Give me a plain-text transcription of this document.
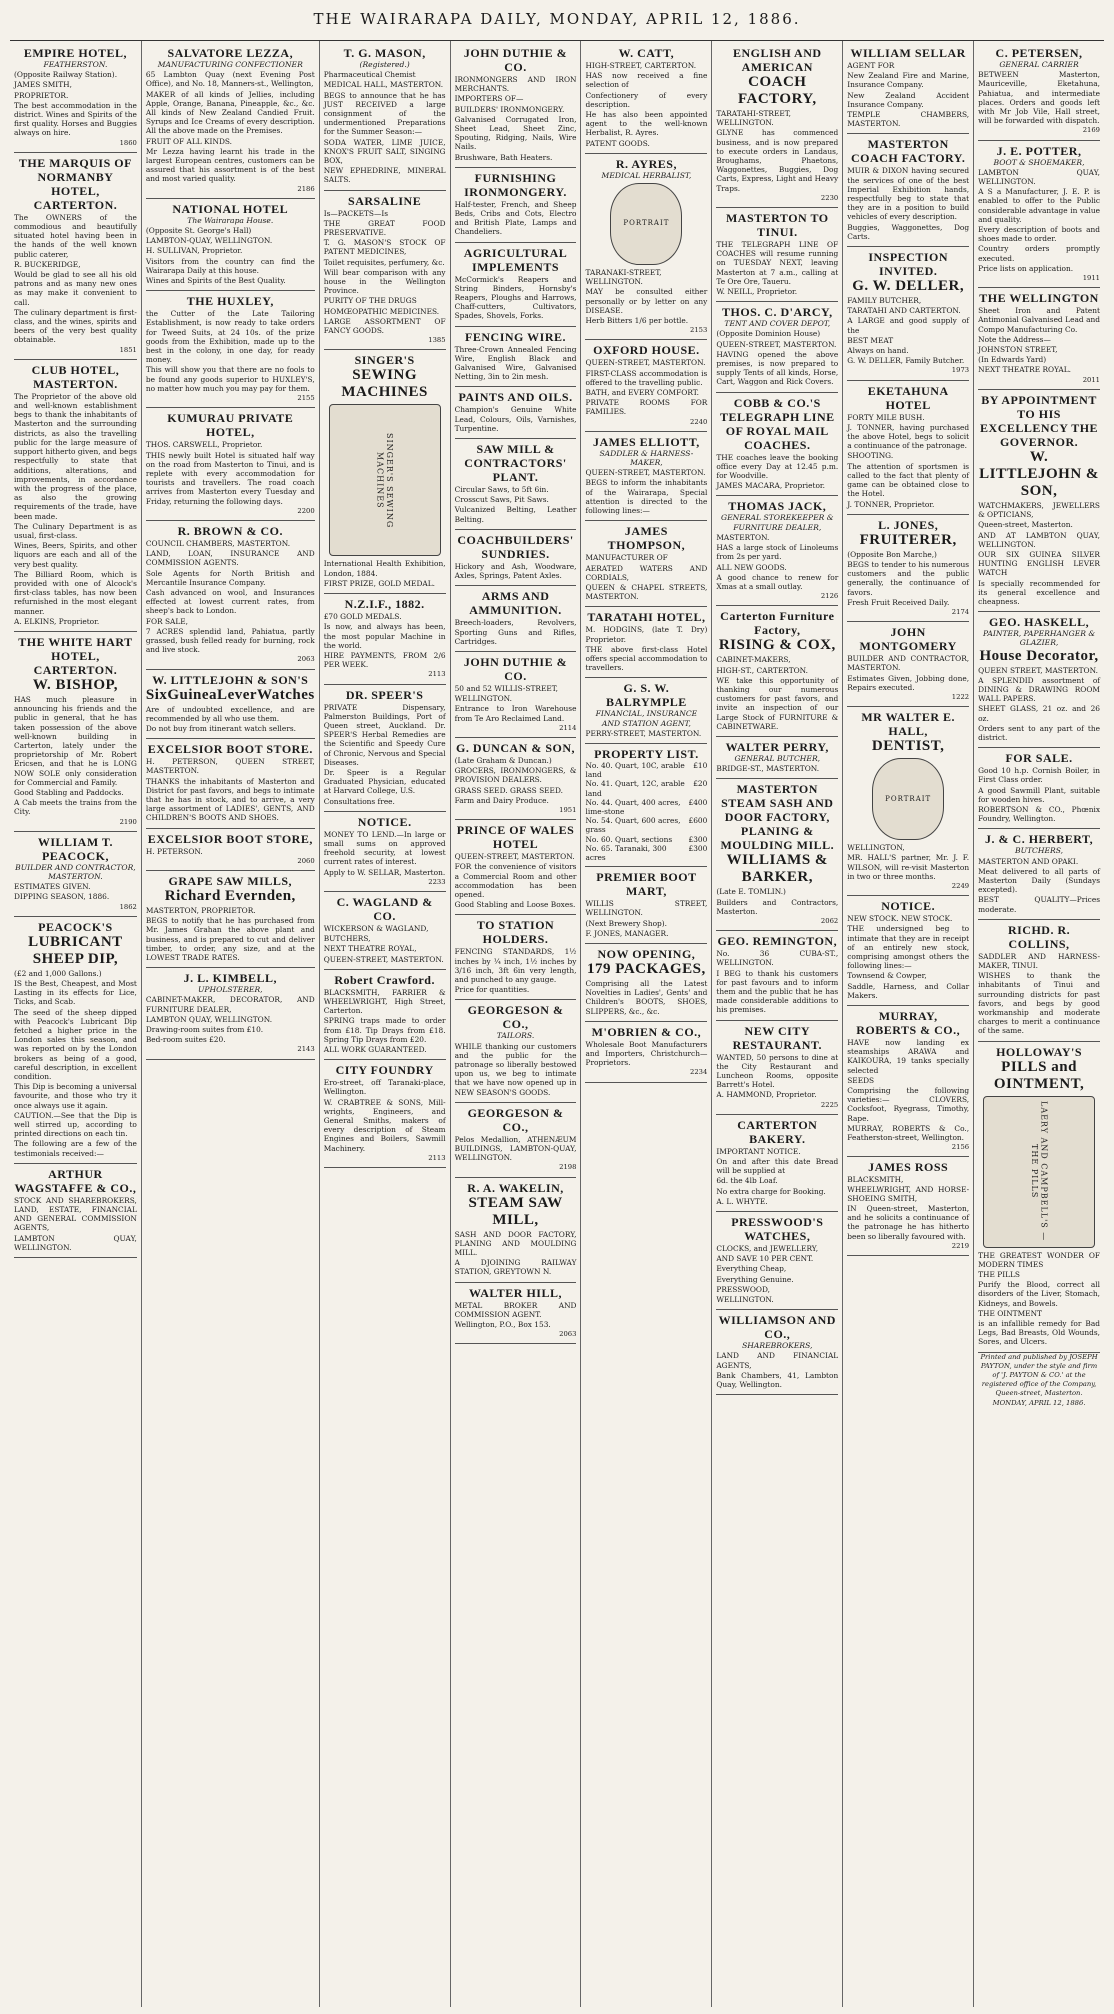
THE WAIRARAPA DAILY, MONDAY, APRIL 12, 1886.
EMPIRE HOTEL,
FEATHERSTON.

(Opposite Railway Station).

JAMES SMITH,

PROPRIETOR.

The best accommodation in the district. Wines and Spirits of the first quality. Horses and Buggies always on hire.

1860
THE MARQUIS OF NORMANBY HOTEL, CARTERTON.

The OWNERS of the commodious and beautifully situated hotel having been in the hands of the well known public caterer,

R. BUCKERIDGE,

Would be glad to see all his old patrons and as many new ones as may make it convenient to call.

The culinary department is first-class, and the wines, spirits and beers of the very best quality obtainable.

1851
CLUB HOTEL, MASTERTON.

The Proprietor of the above old and well-known establishment begs to thank the inhabitants of Masterton and the surrounding districts, as also the travelling public for the large measure of support hitherto given, and begs respectfully to state that additions, alterations, and improvements, in accordance with the progress of the place, as also the growing requirements of the trade, have been made.

The Culinary Department is as usual, first-class.

Wines, Beers, Spirits, and other liquors are each and all of the very best quality.

The Billiard Room, which is provided with one of Alcock's first-class tables, has now been refurnished in the most elegant manner.

A. ELKINS, Proprietor.

THE WHITE HART HOTEL, CARTERTON.
W. BISHOP,

HAS much pleasure in announcing his friends and the public in general, that he has taken possession of the above well-known building in Carterton, lately under the proprietorship of Mr. Robert Ericsen, and that he is LONG NOW SOLE only consideration for Commercial and Family.

Good Stabling and Paddocks.

A Cab meets the trains from the City.

2190
WILLIAM T. PEACOCK,
BUILDER AND CONTRACTOR, MASTERTON.

ESTIMATES GIVEN.

DIPPING SEASON, 1886.

1862
PEACOCK'S
LUBRICANT SHEEP DIP,

(£2 and 1,000 Gallons.)

IS the Best, Cheapest, and Most Lasting in its effects for Lice, Ticks, and Scab.

The seed of the sheep dipped with Peacock's Lubricant Dip fetched a higher price in the London sales this season, and was reported on by the London brokers as being of a good, careful description, in excellent condition.

This Dip is becoming a universal favourite, and those who try it once always use it again.

CAUTION.—See that the Dip is well stirred up, according to printed directions on each tin.

The following are a few of the testimonials received:—

ARTHUR WAGSTAFFE & CO.,

STOCK AND SHAREBROKERS, LAND, ESTATE, FINANCIAL AND GENERAL COMMISSION AGENTS,

LAMBTON QUAY, WELLINGTON.

SALVATORE LEZZA,
MANUFACTURING CONFECTIONER

65 Lambton Quay (next Evening Post Office), and No. 18, Manners-st., Wellington,

MAKER of all kinds of Jellies, including Apple, Orange, Banana, Pineapple, &c., &c. All kinds of New Zealand Candied Fruit. Syrups and Ice Creams of every description. All the above made on the Premises.

FRUIT OF ALL KINDS.

Mr Lezza having learnt his trade in the largest European centres, customers can be assured that his assortment is of the best and most varied quality.

2186
NATIONAL HOTEL
The Wairarapa House.

(Opposite St. George's Hall)

LAMBTON-QUAY, WELLINGTON.

H. SULLIVAN, Proprietor.

Visitors from the country can find the Wairarapa Daily at this house.

Wines and Spirits of the Best Quality.

THE HUXLEY,

the Cutter of the Late Tailoring Establishment, is now ready to take orders for Tweed Suits, at 24 10s. of the prize goods from the Exhibition, made up to the best in the colony, in one day, for ready money.

This will show you that there are no fools to be found any goods superior to HUXLEY'S, no matter how much you may pay for them.

2155
KUMURAU PRIVATE HOTEL,

THOS. CARSWELL, Proprietor.

THIS newly built Hotel is situated half way on the road from Masterton to Tinui, and is replete with every accommodation for tourists and travellers. The road coach arrives from Masterton every Tuesday and Friday, returning the following days.

2200
R. BROWN & CO.

COUNCIL CHAMBERS, MASTERTON.

LAND, LOAN, INSURANCE AND COMMISSION AGENTS.

Sole Agents for North British and Mercantile Insurance Company.

Cash advanced on wool, and Insurances effected at lowest current rates, from sheep's back to London.

FOR SALE,

7 ACRES splendid land, Pahiatua, partly grassed, bush felled ready for burning, rock and live stock.

2063
W. LITTLEJOHN & SON'S
SixGuineaLeverWatches

Are of undoubted excellence, and are recommended by all who use them.

Do not buy from itinerant watch sellers.

EXCELSIOR BOOT STORE.

H. PETERSON, QUEEN STREET, MASTERTON.

THANKS the inhabitants of Masterton and District for past favors, and begs to intimate that he has in stock, and to arrive, a very large assortment of LADIES', GENTS, AND CHILDREN'S BOOTS AND SHOES.

EXCELSIOR BOOT STORE,

H. PETERSON.

2060
GRAPE SAW MILLS,
Richard Evernden,

MASTERTON, PROPRIETOR.

BEGS to notify that he has purchased from Mr. James Grahan the above plant and business, and is prepared to cut and deliver timber, to order, any size, and at the LOWEST TRADE RATES.

J. L. KIMBELL,
UPHOLSTERER,

CABINET-MAKER, DECORATOR, AND FURNITURE DEALER,

LAMBTON QUAY, WELLINGTON.

Drawing-room suites from £10.

Bed-room suites £20.

2143
T. G. MASON,
(Registered.)

Pharmaceutical Chemist

MEDICAL HALL, MASTERTON.

BEGS to announce that he has JUST RECEIVED a large consignment of the undermentioned Preparations for the Summer Season:—

SODA WATER, LIME JUICE, KNOX'S FRUIT SALT, SINGING BOX,

NEW EPHEDRINE, MINERAL SALTS.

SARSALINE

Is—PACKETS—Is

THE GREAT FOOD PRESERVATIVE.

T. G. MASON'S STOCK OF PATENT MEDICINES,

Toilet requisites, perfumery, &c.

Will bear comparison with any house in the Wellington Province.

PURITY OF THE DRUGS

HOMŒOPATHIC MEDICINES.

LARGE ASSORTMENT OF FANCY GOODS.

1385
SINGER'S
SEWING MACHINES
SINGER'S SEWING MACHINES

International Health Exhibition, London, 1884.

FIRST PRIZE, GOLD MEDAL.

N.Z.I.F., 1882.

£70 GOLD MEDALS.

Is now, and always has been, the most popular Machine in the world.

HIRE PAYMENTS, FROM 2/6 PER WEEK.

2113
DR. SPEER'S

PRIVATE Dispensary, Palmerston Buildings, Port of Queen street, Auckland. Dr. SPEER'S Herbal Remedies are the Scientific and Speedy Cure of Chronic, Nervous and Special Diseases.

Dr. Speer is a Regular Graduated Physician, educated at Harvard College, U.S.

Consultations free.

NOTICE.

MONEY TO LEND.—In large or small sums on approved freehold security, at lowest current rates of interest.

Apply to W. SELLAR, Masterton.

2233
C. WAGLAND & CO.

WICKERSON & WAGLAND,

BUTCHERS,

NEXT THEATRE ROYAL,

QUEEN-STREET, MASTERTON.

Robert Crawford.

BLACKSMITH, FARRIER & WHEELWRIGHT, High Street, Carterton.

SPRING traps made to order from £18. Tip Drays from £18. Spring Tip Drays from £20.

ALL WORK GUARANTEED.

CITY FOUNDRY

Ero-street, off Taranaki-place, Wellington.

W. CRABTREE & SONS, Mill-wrights, Engineers, and General Smiths, makers of every description of Steam Engines and Boilers, Sawmill Machinery.

2113
JOHN DUTHIE & CO.

IRONMONGERS AND IRON MERCHANTS.

IMPORTERS OF—

BUILDERS' IRONMONGERY.

Galvanised Corrugated Iron, Sheet Lead, Sheet Zinc, Spouting, Ridging, Nails, Wire Nails.

Brushware, Bath Heaters.

FURNISHING IRONMONGERY.

Half-tester, French, and Sheep Beds, Cribs and Cots, Electro and British Plate, Lamps and Chandeliers.

AGRICULTURAL IMPLEMENTS

McCormick's Reapers and String Binders, Hornsby's Reapers, Ploughs and Harrows, Chaff-cutters, Cultivators, Spades, Shovels, Forks.

FENCING WIRE.

Three-Crown Annealed Fencing Wire, English Black and Galvanised Wire, Galvanised Netting, 3in to 2in mesh.

PAINTS AND OILS.

Champion's Genuine White Lead, Colours, Oils, Varnishes, Turpentine.

SAW MILL & CONTRACTORS' PLANT.

Circular Saws, to 5ft 6in.

Crosscut Saws, Pit Saws.

Vulcanized Belting, Leather Belting.

COACHBUILDERS' SUNDRIES.

Hickory and Ash, Woodware, Axles, Springs, Patent Axles.

ARMS AND AMMUNITION.

Breech-loaders, Revolvers, Sporting Guns and Rifles, Cartridges.

JOHN DUTHIE & CO.

50 and 52 WILLIS-STREET,

WELLINGTON.

Entrance to Iron Warehouse from Te Aro Reclaimed Land.

2114
G. DUNCAN & SON,

(Late Graham & Duncan.)

GROCERS, IRONMONGERS, & PROVISION DEALERS.

GRASS SEED. GRASS SEED.

Farm and Dairy Produce.

1951
PRINCE OF WALES HOTEL

QUEEN-STREET, MASTERTON.

FOR the convenience of visitors a Commercial Room and other accommodation has been opened.

Good Stabling and Loose Boxes.

TO STATION HOLDERS.

FENCING STANDARDS, 1½ inches by ¼ inch, 1½ inches by 3/16 inch, 3ft 6in very length, and punched to any gauge.

Price for quantities.

GEORGESON & CO.,
TAILORS.

WHILE thanking our customers and the public for the patronage so liberally bestowed upon us, we beg to intimate that we have now opened up in NEW SEASON'S GOODS.

GEORGESON & CO.,

Pelos Medallion, ATHENÆUM BUILDINGS, LAMBTON-QUAY, WELLINGTON.

2198
R. A. WAKELIN,
STEAM SAW MILL,

SASH AND DOOR FACTORY, PLANING AND MOULDING MILL.

A DJOINING RAILWAY STATION, GREYTOWN N.

WALTER HILL,

METAL BROKER AND COMMISSION AGENT.

Wellington, P.O., Box 153.

2063
W. CATT,

HIGH-STREET, CARTERTON.

HAS now received a fine selection of

Confectionery of every description.

He has also been appointed agent to the well-known Herbalist, R. Ayres.

PATENT GOODS.

R. AYRES,
MEDICAL HERBALIST,
PORTRAIT

TARANAKI-STREET, WELLINGTON.

MAY be consulted either personally or by letter on any DISEASE.

Herb Bitters 1/6 per bottle.

2153
OXFORD HOUSE.

QUEEN-STREET, MASTERTON.

FIRST-CLASS accommodation is offered to the travelling public.

BATH, and EVERY COMFORT.

PRIVATE ROOMS FOR FAMILIES.

2240
JAMES ELLIOTT,
SADDLER & HARNESS-MAKER,

QUEEN-STREET, MASTERTON.

BEGS to inform the inhabitants of the Wairarapa, Special attention is directed to the following lines:—

JAMES THOMPSON,

MANUFACTURER OF

AERATED WATERS AND CORDIALS,

QUEEN & CHAPEL STREETS, MASTERTON.

TARATAHI HOTEL,

M. HODGINS, (late T. Dry) Proprietor.

THE above first-class Hotel offers special accommodation to travellers.

G. S. W. BALRYMPLE
FINANCIAL, INSURANCE AND STATION AGENT,

PERRY-STREET, MASTERTON.

PROPERTY LIST.
No. 40. Quart, 10C, arable land
£10
No. 41. Quart, 12C, arable land
£20
No. 44. Quart, 400 acres, lime-stone
£400
No. 54. Quart, 600 acres, grass
£600
No. 60. Quart, sections £300
No. 65. Taranaki, 300 acres
£300
PREMIER BOOT MART,

WILLIS STREET, WELLINGTON.

(Next Brewery Shop).

F. JONES, MANAGER.

NOW OPENING,
179 PACKAGES,

Comprising all the Latest Novelties in Ladies', Gents' and Children's BOOTS, SHOES, SLIPPERS, &c., &c.

M'OBRIEN & CO.,

Wholesale Boot Manufacturers and Importers, Christchurch—Proprietors.

2234
ENGLISH AND AMERICAN
COACH FACTORY,

TARATAHI-STREET, WELLINGTON.

GLYNE has commenced business, and is now prepared to execute orders in Landaus, Broughams, Phaetons, Waggonettes, Buggies, Dog Carts, Express, Light and Heavy Traps.

2230
MASTERTON TO TINUI.

THE TELEGRAPH LINE OF COACHES will resume running on TUESDAY NEXT, leaving Masterton at 7 a.m., calling at Te Ore Ore, Taueru.

W. NEILL, Proprietor.

THOS. C. D'ARCY,
TENT AND COVER DEPOT,

(Opposite Dominion House)

QUEEN-STREET, MASTERTON.

HAVING opened the above premises, is now prepared to supply Tents of all kinds, Horse, Cart, Waggon and Rick Covers.

COBB & CO.'S TELEGRAPH LINE OF ROYAL MAIL COACHES.

THE coaches leave the booking office every Day at 12.45 p.m. for Woodville.

JAMES MACARA, Proprietor.

THOMAS JACK,
GENERAL STOREKEEPER & FURNITURE DEALER,

MASTERTON.

HAS a large stock of Linoleums from 2s per yard.

ALL NEW GOODS.

A good chance to renew for Xmas at a small outlay.

2126
Carterton Furniture Factory,
RISING & COX,

CABINET-MAKERS,

HIGH-ST., CARTERTON.

WE take this opportunity of thanking our numerous customers for past favors, and invite an inspection of our Large Stock of FURNITURE & CABINETWARE.

WALTER PERRY,
GENERAL BUTCHER,

BRIDGE-ST., MASTERTON.

MASTERTON STEAM SASH AND DOOR FACTORY, PLANING & MOULDING MILL.
WILLIAMS & BARKER,

(Late E. TOMLIN.)

Builders and Contractors, Masterton.

2062
GEO. REMINGTON,

No. 36 CUBA-ST., WELLINGTON.

I BEG to thank his customers for past favours and to inform them and the public that he has made considerable additions to his premises.

NEW CITY RESTAURANT.

WANTED, 50 persons to dine at the City Restaurant and Luncheon Rooms, opposite Barrett's Hotel.

A. HAMMOND, Proprietor.

2225
CARTERTON BAKERY.

IMPORTANT NOTICE.

On and after this date Bread will be supplied at

6d. the 4lb Loaf.

No extra charge for Booking.

A. L. WHYTE.

PRESSWOOD'S WATCHES,

CLOCKS, and JEWELLERY,

AND SAVE 10 PER CENT.

Everything Cheap,

Everything Genuine.

PRESSWOOD,

WELLINGTON.

WILLIAMSON AND CO.,
SHAREBROKERS,

LAND AND FINANCIAL AGENTS,

Bank Chambers, 41, Lambton Quay, Wellington.

WILLIAM SELLAR

AGENT FOR

New Zealand Fire and Marine, Insurance Company.

New Zealand Accident Insurance Company.

TEMPLE CHAMBERS, MASTERTON.

MASTERTON COACH FACTORY.

MUIR & DIXON having secured the services of one of the best Imperial Exhibition hands, respectfully beg to state that they are in a position to build vehicles of every description.

Buggies, Waggonettes, Dog Carts.

INSPECTION INVITED.
G. W. DELLER,

FAMILY BUTCHER,

TARATAHI AND CARTERTON.

A LARGE and good supply of the

BEST MEAT

Always on hand.

G. W. DELLER, Family Butcher.

1973
EKETAHUNA HOTEL

FORTY MILE BUSH.

J. TONNER, having purchased the above Hotel, begs to solicit a continuance of the patronage.

SHOOTING.

The attention of sportsmen is called to the fact that plenty of game can be obtained close to the Hotel.

J. TONNER, Proprietor.

L. JONES,
FRUITERER,

(Opposite Bon Marche,)

BEGS to tender to his numerous customers and the public generally, the continuance of favors.

Fresh Fruit Received Daily.

2174
JOHN MONTGOMERY

BUILDER AND CONTRACTOR, MASTERTON.

Estimates Given, Jobbing done, Repairs executed.

1222
MR WALTER E. HALL,
DENTIST,
PORTRAIT

WELLINGTON,

MR. HALL'S partner, Mr. J. F. WILSON, will re-visit Masterton in two or three months.

2249
NOTICE.

NEW STOCK. NEW STOCK.

THE undersigned beg to intimate that they are in receipt of an entirely new stock, comprising amongst others the following lines:—

Townsend & Cowper,

Saddle, Harness, and Collar Makers.

MURRAY, ROBERTS & CO.,

HAVE now landing ex steamships ARAWA and KAIKOURA, 19 tanks specially selected

SEEDS

Comprising the following varieties:— CLOVERS, Cocksfoot, Ryegrass, Timothy, Rape.

MURRAY, ROBERTS & Co., Featherston-street, Wellington.

2156
JAMES ROSS

BLACKSMITH, WHEELWRIGHT, AND HORSE-SHOEING SMITH,

IN Queen-street, Masterton, and he solicits a continuance of the patronage he has hitherto been so liberally favoured with.

2219
C. PETERSEN,
GENERAL CARRIER

BETWEEN Masterton, Mauriceville, Eketahuna, Pahiatua, and intermediate places. Orders and goods left with Mr Job Vile, Hall street, will be forwarded with dispatch.

2169
J. E. POTTER,
BOOT & SHOEMAKER,

LAMBTON QUAY, WELLINGTON.

A S a Manufacturer, J. E. P. is enabled to offer to the Public considerable advantage in value and quality.

Every description of boots and shoes made to order.

Country orders promptly executed.

Price lists on application.

1911
THE WELLINGTON

Sheet Iron and Patent Antimonial Galvanised Lead and Compo Manufacturing Co.

Note the Address—

JOHNSTON STREET,

(In Edwards Yard)

NEXT THEATRE ROYAL.

2011
BY APPOINTMENT TO HIS EXCELLENCY THE GOVERNOR.
W. LITTLEJOHN & SON,

WATCHMAKERS, JEWELLERS & OPTICIANS,

Queen-street, Masterton.

AND AT LAMBTON QUAY, WELLINGTON.

OUR SIX GUINEA SILVER HUNTING ENGLISH LEVER WATCH

Is specially recommended for its general excellence and cheapness.

GEO. HASKELL,
PAINTER, PAPERHANGER & GLAZIER,
House Decorator,

QUEEN STREET, MASTERTON.

A SPLENDID assortment of DINING & DRAWING ROOM WALL PAPERS.

SHEET GLASS, 21 oz. and 26 oz.

Orders sent to any part of the district.

FOR SALE.

Good 10 h.p. Cornish Boiler, in First Class order.

A good Sawmill Plant, suitable for wooden hives.

ROBERTSON & CO., Phœnix Foundry, Wellington.

J. & C. HERBERT,
BUTCHERS,

MASTERTON AND OPAKI.

Meat delivered to all parts of Masterton Daily (Sundays excepted).

BEST QUALITY—Prices moderate.

RICHD. R. COLLINS,

SADDLER AND HARNESS-MAKER, TINUI.

WISHES to thank the inhabitants of Tinui and surrounding districts for past favors, and begs by good workmanship and moderate charges to merit a continuance of the same.

HOLLOWAY'S
PILLS and OINTMENT,
LAERY AND CAMPBELL'S — THE PILLS

THE GREATEST WONDER OF MODERN TIMES

THE PILLS

Purify the Blood, correct all disorders of the Liver, Stomach, Kidneys, and Bowels.

THE OINTMENT

is an infallible remedy for Bad Legs, Bad Breasts, Old Wounds, Sores, and Ulcers.

Printed and published by JOSEPH PAYTON, under the style and firm of 'J. PAYTON & CO.' at the registered office of the Company, Queen-street, Masterton.
MONDAY, APRIL 12, 1886.
